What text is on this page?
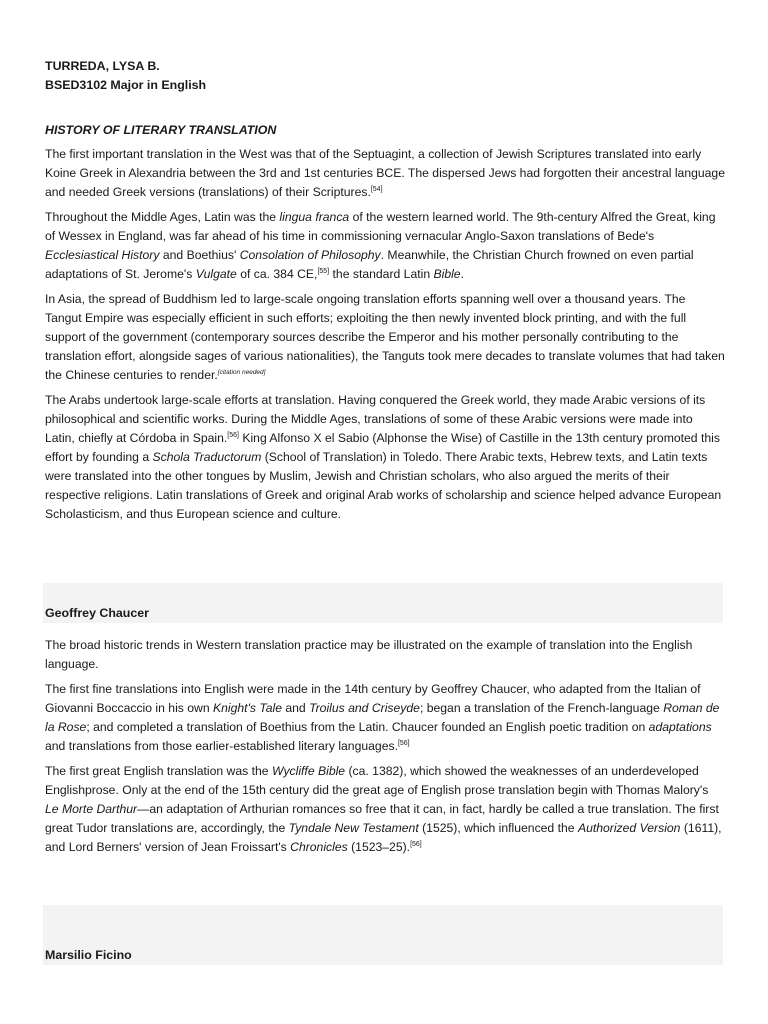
TURREDA, LYSA B.
BSED3102 Major in English
HISTORY OF LITERARY TRANSLATION

The first important translation in the West was that of the Septuagint, a collection of Jewish Scriptures translated into early Koine Greek in Alexandria between the 3rd and 1st centuries BCE. The dispersed Jews had forgotten their ancestral language and needed Greek versions (translations) of their Scriptures.[54]

Throughout the Middle Ages, Latin was the lingua franca of the western learned world. The 9th-century Alfred the Great, king of Wessex in England, was far ahead of his time in commissioning vernacular Anglo-Saxon translations of Bede's Ecclesiastical History and Boethius' Consolation of Philosophy. Meanwhile, the Christian Church frowned on even partial adaptations of St. Jerome's Vulgate of ca. 384 CE,[55] the standard Latin Bible.

In Asia, the spread of Buddhism led to large-scale ongoing translation efforts spanning well over a thousand years. The Tangut Empire was especially efficient in such efforts; exploiting the then newly invented block printing, and with the full support of the government (contemporary sources describe the Emperor and his mother personally contributing to the translation effort, alongside sages of various nationalities), the Tanguts took mere decades to translate volumes that had taken the Chinese centuries to render.[citation needed]

The Arabs undertook large-scale efforts at translation. Having conquered the Greek world, they made Arabic versions of its philosophical and scientific works. During the Middle Ages, translations of some of these Arabic versions were made into Latin, chiefly at Córdoba in Spain.[56] King Alfonso X el Sabio (Alphonse the Wise) of Castille in the 13th century promoted this effort by founding a Schola Traductorum (School of Translation) in Toledo. There Arabic texts, Hebrew texts, and Latin texts were translated into the other tongues by Muslim, Jewish and Christian scholars, who also argued the merits of their respective religions. Latin translations of Greek and original Arab works of scholarship and science helped advance European Scholasticism, and thus European science and culture.

Geoffrey Chaucer

The broad historic trends in Western translation practice may be illustrated on the example of translation into the English language.

The first fine translations into English were made in the 14th century by Geoffrey Chaucer, who adapted from the Italian of Giovanni Boccaccio in his own Knight's Tale and Troilus and Criseyde; began a translation of the French-language Roman de la Rose; and completed a translation of Boethius from the Latin. Chaucer founded an English poetic tradition on adaptations and translations from those earlier-established literary languages.[56]

The first great English translation was the Wycliffe Bible (ca. 1382), which showed the weaknesses of an underdeveloped Englishprose. Only at the end of the 15th century did the great age of English prose translation begin with Thomas Malory's Le Morte Darthur—an adaptation of Arthurian romances so free that it can, in fact, hardly be called a true translation. The first great Tudor translations are, accordingly, the Tyndale New Testament (1525), which influenced the Authorized Version (1611), and Lord Berners' version of Jean Froissart's Chronicles (1523–25).[56]

Marsilio Ficino
